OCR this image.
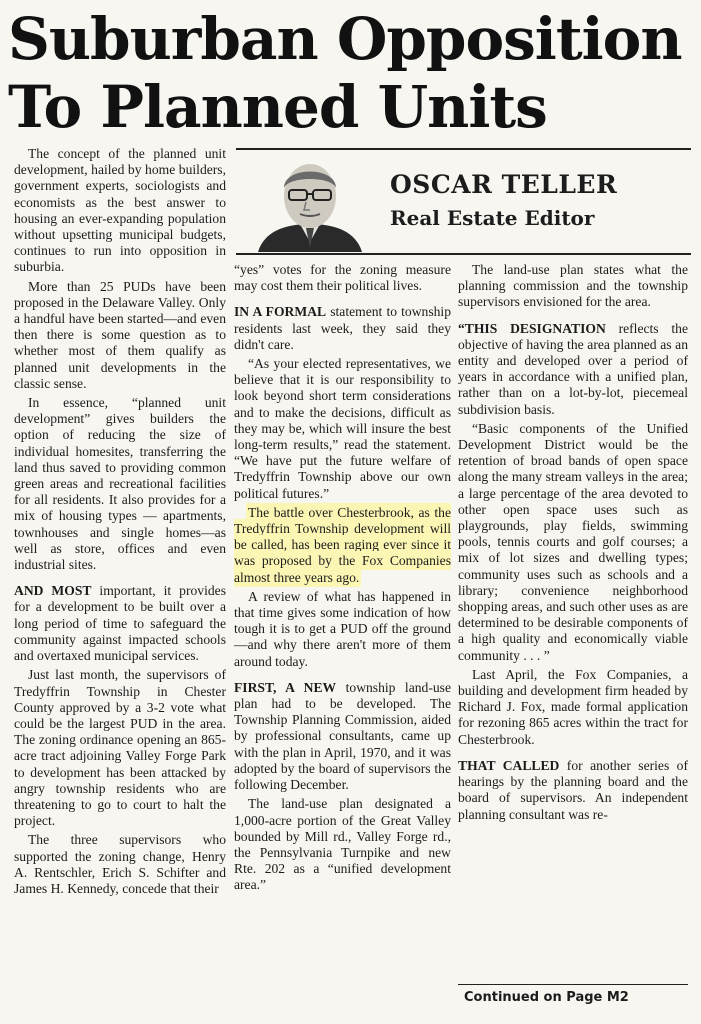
Suburban Opposition
To Planned Units
OSCAR TELLER
Real Estate Editor

The concept of the planned unit development, hailed by home builders, government experts, sociologists and economists as the best answer to housing an ever-expanding population without upsetting municipal budgets, continues to run into opposition in suburbia.

More than 25 PUDs have been proposed in the Delaware Valley. Only a handful have been started—and even then there is some question as to whether most of them qualify as planned unit developments in the classic sense.

In essence, “planned unit development” gives builders the option of reducing the size of individual homesites, transferring the land thus saved to providing common green areas and recreational facilities for all residents. It also provides for a mix of housing types — apartments, townhouses and single homes—as well as store, offices and even industrial sites.

AND MOST important, it provides for a development to be built over a long period of time to safeguard the community against impacted schools and overtaxed municipal services.

Just last month, the supervisors of Tredyffrin Township in Chester County approved by a 3-2 vote what could be the largest PUD in the area. The zoning ordinance opening an 865-acre tract adjoining Valley Forge Park to development has been attacked by angry township residents who are threatening to go to court to halt the project.

The three supervisors who supported the zoning change, Henry A. Rentschler, Erich S. Schifter and James H. Kennedy, concede that their

“yes” votes for the zoning measure may cost them their political lives.

IN A FORMAL statement to township residents last week, they said they didn't care.

“As your elected representatives, we believe that it is our responsibility to look beyond short term considerations and to make the decisions, difficult as they may be, which will insure the best long-term results,” read the statement. “We have put the future welfare of Tredyffrin Township above our own political futures.”

The battle over Chesterbrook, as the Tredyffrin Township development will be called, has been raging ever since it was proposed by the Fox Companies almost three years ago.

A review of what has happened in that time gives some indication of how tough it is to get a PUD off the ground—and why there aren't more of them around today.

FIRST, A NEW township land-use plan had to be developed. The Township Planning Commission, aided by professional consultants, came up with the plan in April, 1970, and it was adopted by the board of supervisors the following December.

The land-use plan designated a 1,000-acre portion of the Great Valley bounded by Mill rd., Valley Forge rd., the Pennsylvania Turnpike and new Rte. 202 as a “unified development area.”

The land-use plan states what the planning commission and the township supervisors envisioned for the area.

“THIS DESIGNATION reflects the objective of having the area planned as an entity and developed over a period of years in accordance with a unified plan, rather than on a lot-by-lot, piecemeal subdivision basis.

“Basic components of the Unified Development District would be the retention of broad bands of open space along the many stream valleys in the area; a large percentage of the area devoted to other open space uses such as playgrounds, play fields, swimming pools, tennis courts and golf courses; a mix of lot sizes and dwelling types; community uses such as schools and a library; convenience neighborhood shopping areas, and such other uses as are determined to be desirable components of a high quality and economically viable community . . . ”

Last April, the Fox Companies, a building and development firm headed by Richard J. Fox, made formal application for rezoning 865 acres within the tract for Chesterbrook.

THAT CALLED for another series of hearings by the planning board and the board of supervisors. An independent planning consultant was re-

Continued on Page M2
